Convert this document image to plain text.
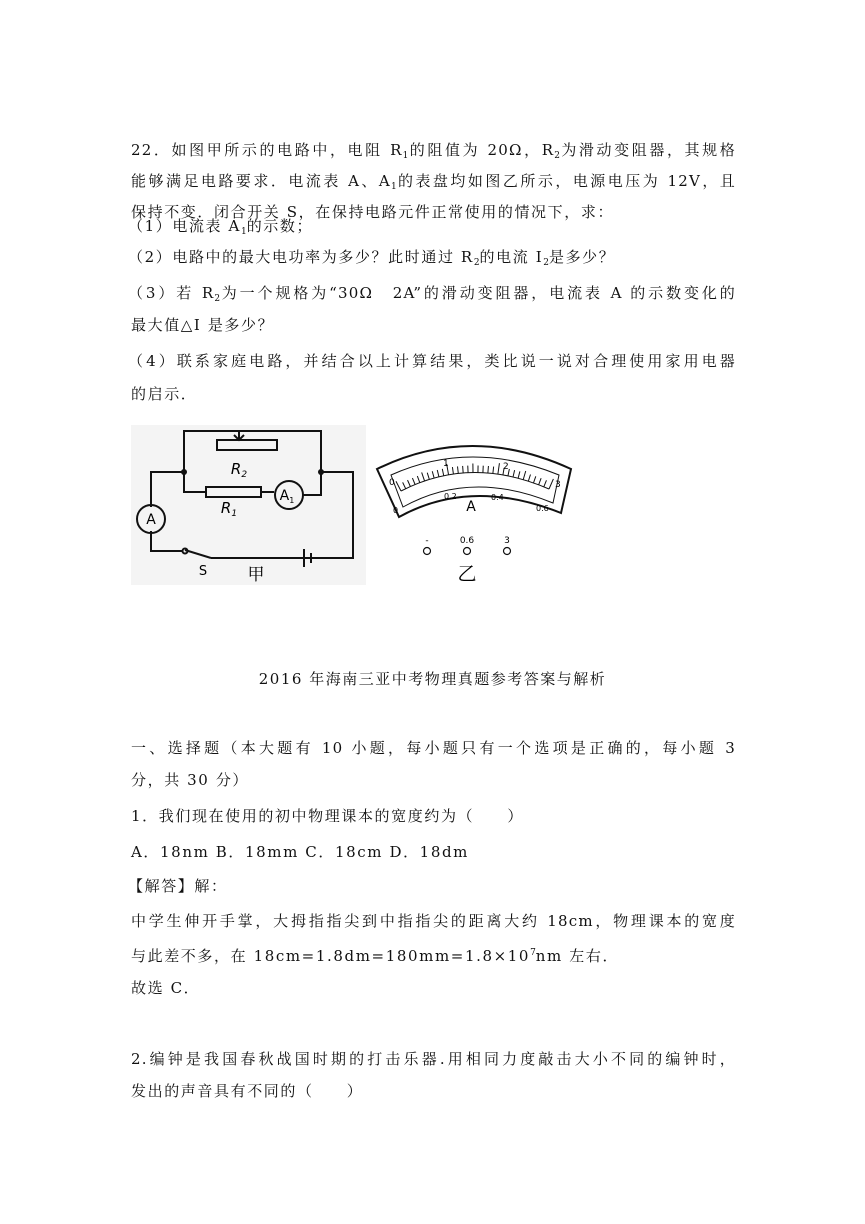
22．如图甲所示的电路中，电阻 $R_1$的阻值为 20Ω，$R_2$为滑动变阻器，其规格
能够满足电路要求．电流表 A、$A_1$的表盘均如图乙所示，电源电压为 12V，且
保持不变．闭合开关 S，在保持电路元件正常使用的情况下，求：
（1）电流表 $A_1$的示数；
（2）电路中的最大电功率为多少？此时通过 $R_2$的电流 $I_2$是多少？
（3）若 $R_2$为一个规格为“30Ω　2A”的滑动变阻器，电流表 A 的示数变化的
最大值△I 是多少？
（4）联系家庭电路，并结合以上计算结果，类比说一说对合理使用家用电器
的启示．
$R_2$
$R_1$
$A_1$
A
S 甲
0
1	2
3
0
0.2	0.4
0.6
A
-	0.6	3
乙
2016 年海南三亚中考物理真题参考答案与解析
一、选择题（本大题有 10 小题，每小题只有一个选项是正确的，每小题 3
分，共 30 分）
1．我们现在使用的初中物理课本的宽度约为（　　）
A．18nm B．18mm C．18cm D．18dm
【解答】解：
中学生伸开手掌，大拇指指尖到中指指尖的距离大约 18cm，物理课本的宽度
与此差不多，在 $18cm=1.8dm=180mm=1.8\times 10^7nm$ 左右．
故选 C．
2.编钟是我国春秋战国时期的打击乐器.用相同力度敲击大小不同的编钟时，
发出的声音具有不同的（　　）
